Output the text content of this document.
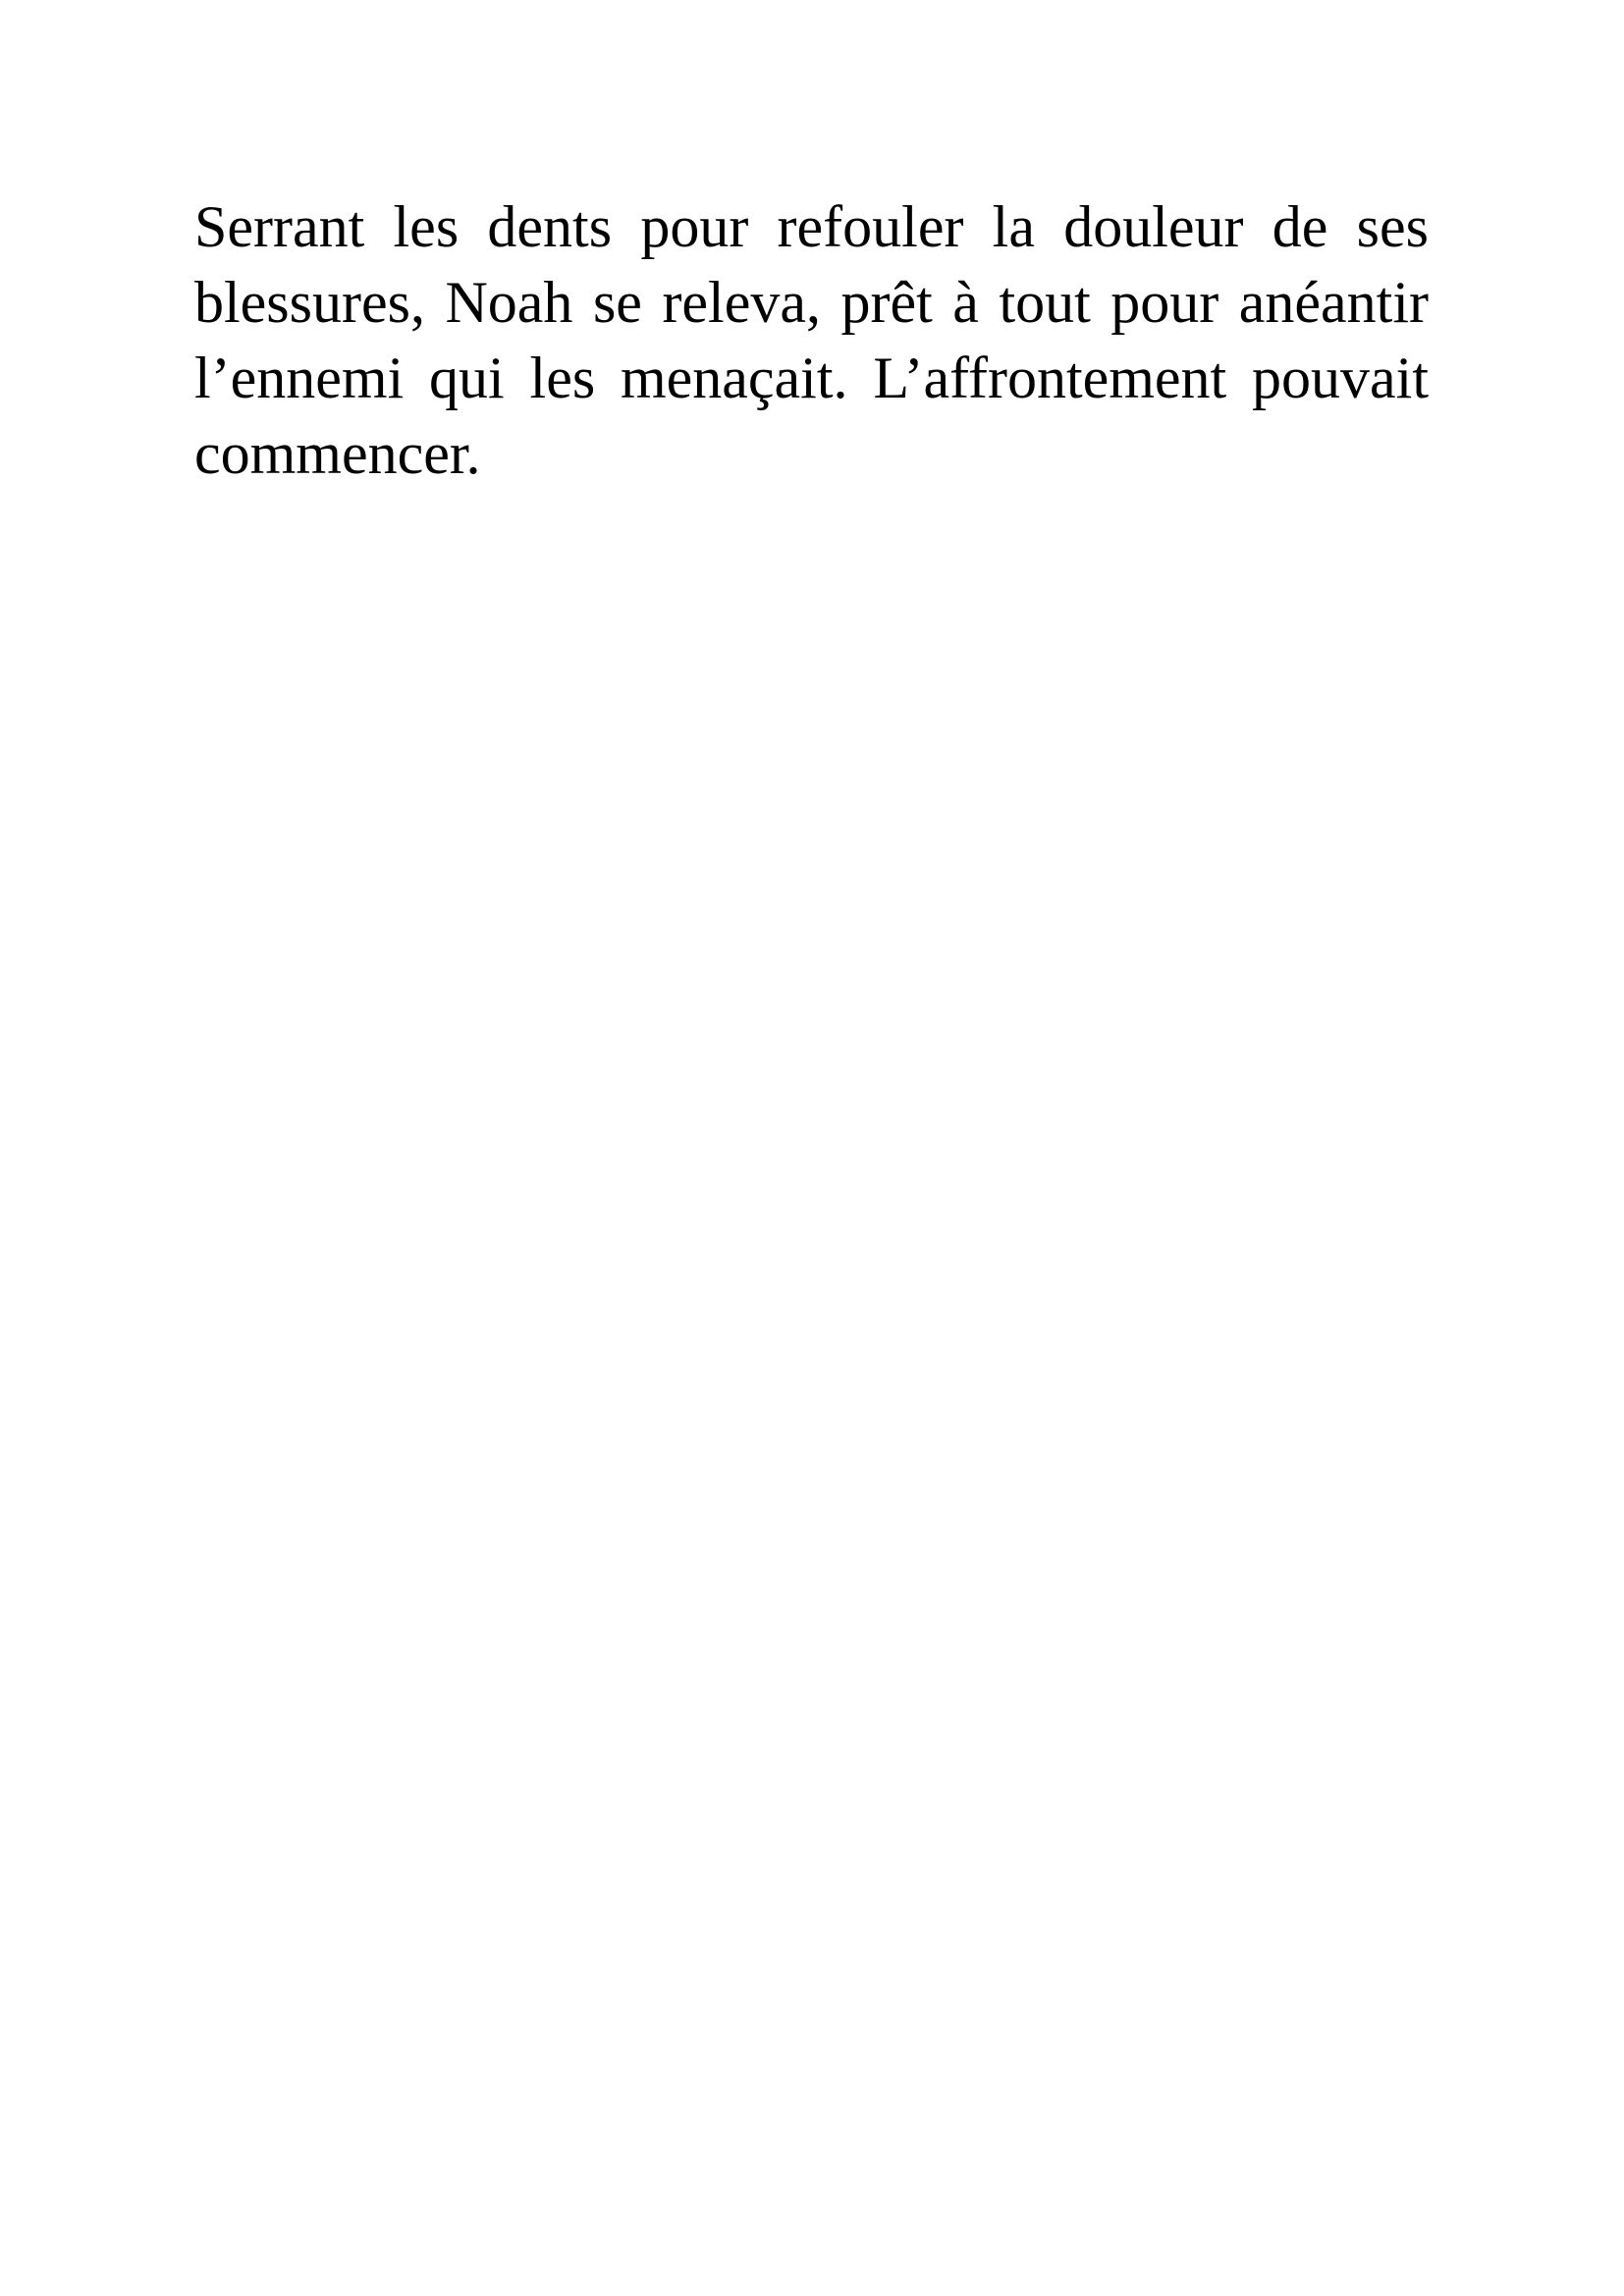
Serrant les dents pour refouler la douleur de ses
blessures, Noah se releva, prêt à tout pour anéantir
l’ennemi qui les menaçait. L’affrontement pouvait
commencer.
